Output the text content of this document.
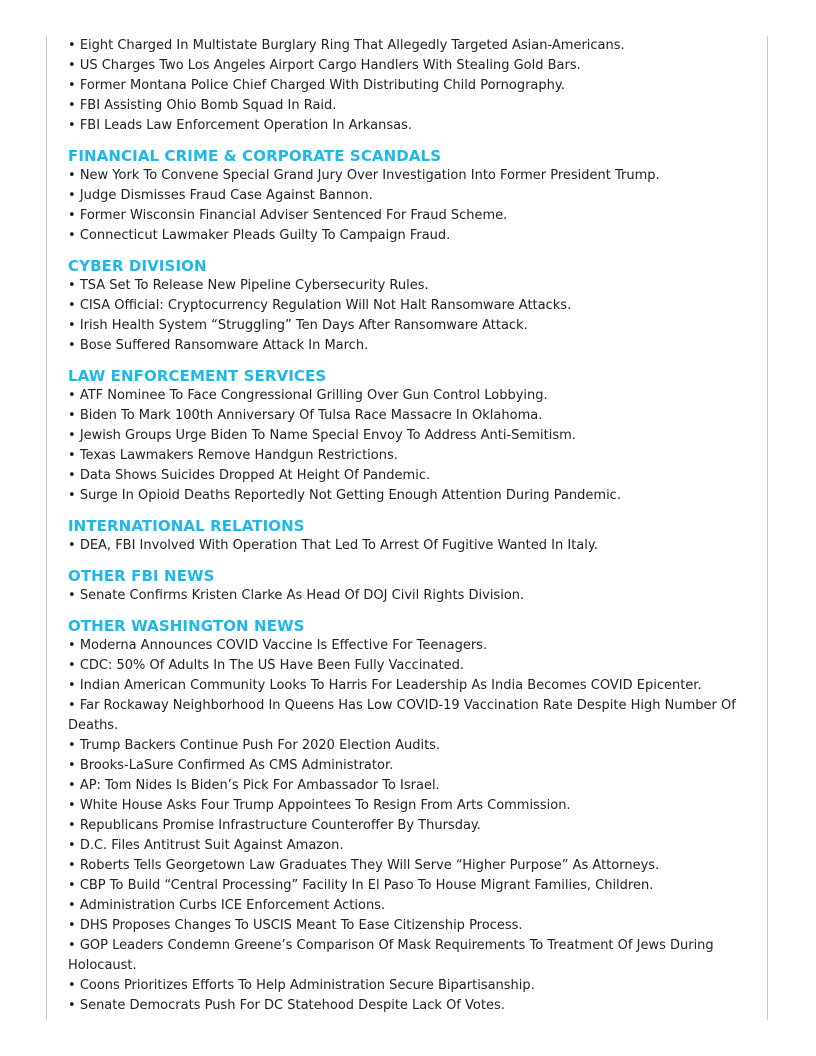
• Eight Charged In Multistate Burglary Ring That Allegedly Targeted Asian-Americans.
• US Charges Two Los Angeles Airport Cargo Handlers With Stealing Gold Bars.
• Former Montana Police Chief Charged With Distributing Child Pornography.
• FBI Assisting Ohio Bomb Squad In Raid.
• FBI Leads Law Enforcement Operation In Arkansas.
FINANCIAL CRIME & CORPORATE SCANDALS
• New York To Convene Special Grand Jury Over Investigation Into Former President Trump.
• Judge Dismisses Fraud Case Against Bannon.
• Former Wisconsin Financial Adviser Sentenced For Fraud Scheme.
• Connecticut Lawmaker Pleads Guilty To Campaign Fraud.
CYBER DIVISION
• TSA Set To Release New Pipeline Cybersecurity Rules.
• CISA Official: Cryptocurrency Regulation Will Not Halt Ransomware Attacks.
• Irish Health System “Struggling” Ten Days After Ransomware Attack.
• Bose Suffered Ransomware Attack In March.
LAW ENFORCEMENT SERVICES
• ATF Nominee To Face Congressional Grilling Over Gun Control Lobbying.
• Biden To Mark 100th Anniversary Of Tulsa Race Massacre In Oklahoma.
• Jewish Groups Urge Biden To Name Special Envoy To Address Anti-Semitism.
• Texas Lawmakers Remove Handgun Restrictions.
• Data Shows Suicides Dropped At Height Of Pandemic.
• Surge In Opioid Deaths Reportedly Not Getting Enough Attention During Pandemic.
INTERNATIONAL RELATIONS
• DEA, FBI Involved With Operation That Led To Arrest Of Fugitive Wanted In Italy.
OTHER FBI NEWS
• Senate Confirms Kristen Clarke As Head Of DOJ Civil Rights Division.
OTHER WASHINGTON NEWS
• Moderna Announces COVID Vaccine Is Effective For Teenagers.
• CDC: 50% Of Adults In The US Have Been Fully Vaccinated.
• Indian American Community Looks To Harris For Leadership As India Becomes COVID Epicenter.
• Far Rockaway Neighborhood In Queens Has Low COVID-19 Vaccination Rate Despite High Number Of Deaths.
• Trump Backers Continue Push For 2020 Election Audits.
• Brooks-LaSure Confirmed As CMS Administrator.
• AP: Tom Nides Is Biden’s Pick For Ambassador To Israel.
• White House Asks Four Trump Appointees To Resign From Arts Commission.
• Republicans Promise Infrastructure Counteroffer By Thursday.
• D.C. Files Antitrust Suit Against Amazon.
• Roberts Tells Georgetown Law Graduates They Will Serve “Higher Purpose” As Attorneys.
• CBP To Build “Central Processing” Facility In El Paso To House Migrant Families, Children.
• Administration Curbs ICE Enforcement Actions.
• DHS Proposes Changes To USCIS Meant To Ease Citizenship Process.
• GOP Leaders Condemn Greene’s Comparison Of Mask Requirements To Treatment Of Jews During Holocaust.
• Coons Prioritizes Efforts To Help Administration Secure Bipartisanship.
• Senate Democrats Push For DC Statehood Despite Lack Of Votes.
